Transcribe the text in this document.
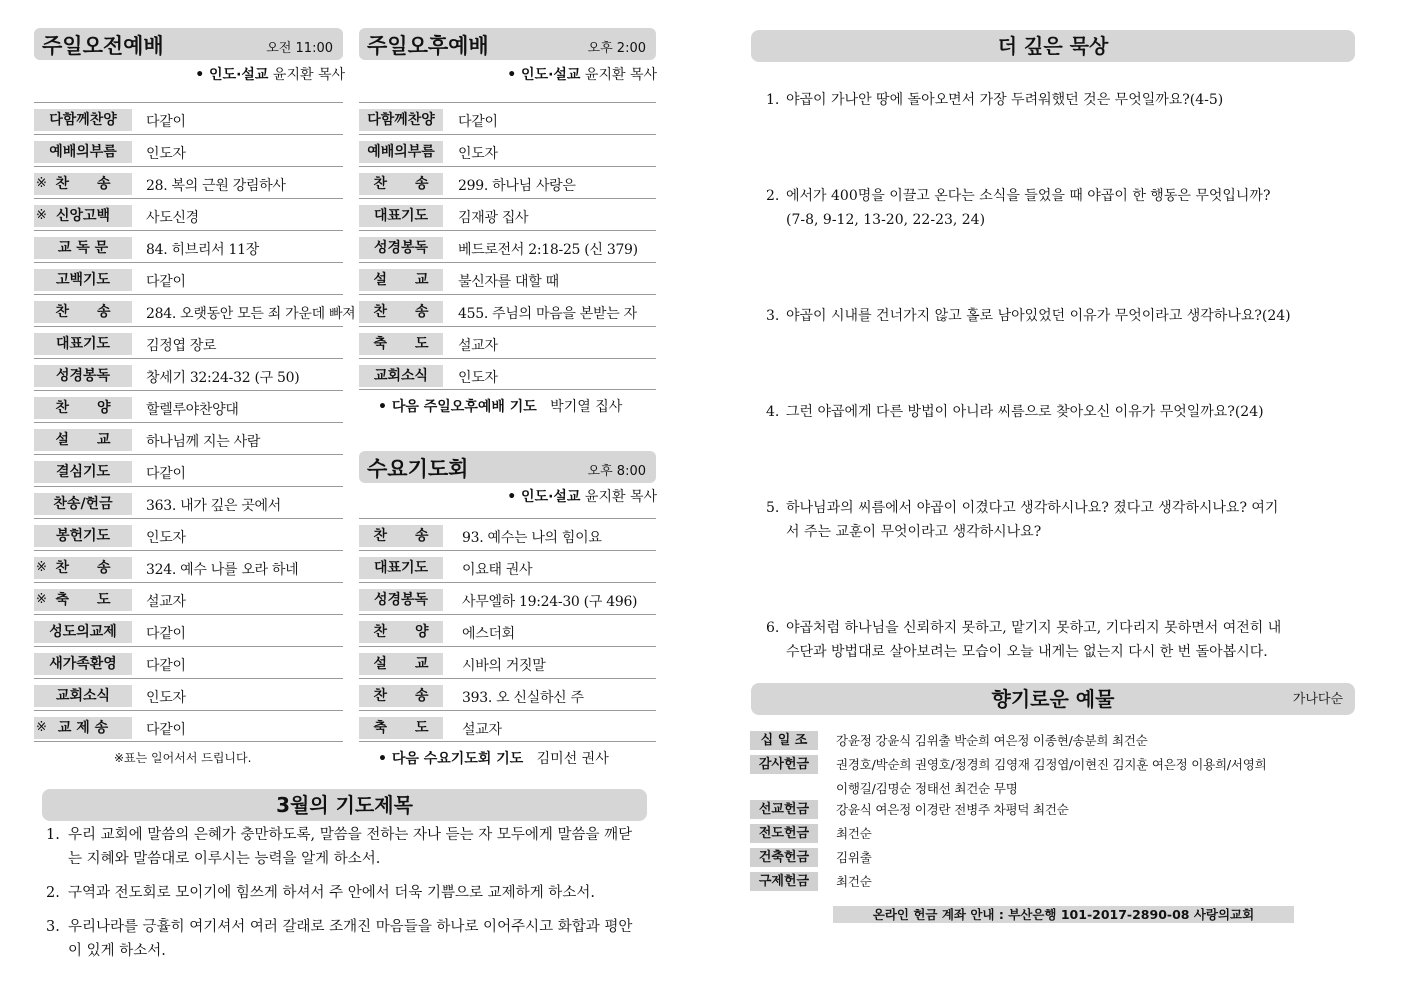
주일오전예배	오전 11:00
• 인도·설교 윤지환 목사
다함께찬양	다같이
예배의부름	인도자
※ 찬　　송	28. 복의 근원 강림하사
※ 신앙고백	사도신경
교 독 문	84. 히브리서 11장
고백기도	다같이
찬　　송	284. 오랫동안 모든 죄 가운데 빠져
대표기도	김정엽 장로
성경봉독	창세기 32:24-32 (구 50)
찬　　양	할렐루야찬양대
설　　교	하나님께 지는 사람
결심기도	다같이
찬송/헌금	363. 내가 깊은 곳에서
봉헌기도	인도자
※ 찬　　송	324. 예수 나를 오라 하네
※ 축　　도	설교자
성도의교제	다같이
새가족환영	다같이
교회소식	인도자
※ 교 제 송	다같이
※표는 일어서서 드립니다.
주일오후예배	오후 2:00
• 인도·설교 윤지환 목사
다함께찬양	다같이
예배의부름	인도자
찬　　송	299. 하나님 사랑은
대표기도	김재광 집사
성경봉독	베드로전서 2:18-25 (신 379)
설　　교	불신자를 대할 때
찬　　송	455. 주님의 마음을 본받는 자
축　　도	설교자
교회소식	인도자
• 다음 주일오후예배 기도 박기열 집사
수요기도회	오후 8:00
• 인도·설교 윤지환 목사
찬　　송	93. 예수는 나의 힘이요
대표기도	이요태 권사
성경봉독	사무엘하 19:24-30 (구 496)
찬　　양	에스더회
설　　교	시바의 거짓말
찬　　송	393. 오 신실하신 주
축　　도	설교자
• 다음 수요기도회 기도 김미선 권사
3월의 기도제목
1. 우리 교회에 말씀의 은혜가 충만하도록, 말씀을 전하는 자나 듣는 자 모두에게 말씀을 깨닫는 지혜와 말씀대로 이루시는 능력을 알게 하소서.
2. 구역과 전도회로 모이기에 힘쓰게 하셔서 주 안에서 더욱 기쁨으로 교제하게 하소서.
3. 우리나라를 긍휼히 여기셔서 여러 갈래로 조개진 마음들을 하나로 이어주시고 화합과 평안이 있게 하소서.
더 깊은 묵상
1. 야곱이 가나안 땅에 돌아오면서 가장 두려워했던 것은 무엇일까요?(4-5)
2. 에서가 400명을 이끌고 온다는 소식을 들었을 때 야곱이 한 행동은 무엇입니까?
(7-8, 9-12, 13-20, 22-23, 24)
3. 야곱이 시내를 건너가지 않고 홀로 남아있었던 이유가 무엇이라고 생각하나요?(24)
4. 그런 야곱에게 다른 방법이 아니라 씨름으로 찾아오신 이유가 무엇일까요?(24)
5. 하나님과의 씨름에서 야곱이 이겼다고 생각하시나요? 졌다고 생각하시나요? 여기
서 주는 교훈이 무엇이라고 생각하시나요?
6. 야곱처럼 하나님을 신뢰하지 못하고, 맡기지 못하고, 기다리지 못하면서 여전히 내
수단과 방법대로 살아보려는 모습이 오늘 내게는 없는지 다시 한 번 돌아봅시다.
향기로운 예물	가나다순
십 일 조	강윤정 강윤식 김위출 박순희 여은정 이종현/송분희 최건순
감사헌금	권경호/박순희 권영호/정경희 김영재 김정엽/이현진 김지훈 여은정 이용희/서영희
이행길/김명순 정태선 최건순 무명
선교헌금	강윤식 여은정 이경란 전병주 차평덕 최건순
전도헌금	최건순
건축헌금	김위출
구제헌금	최건순
온라인 헌금 계좌 안내 : 부산은행 101-2017-2890-08 사랑의교회
